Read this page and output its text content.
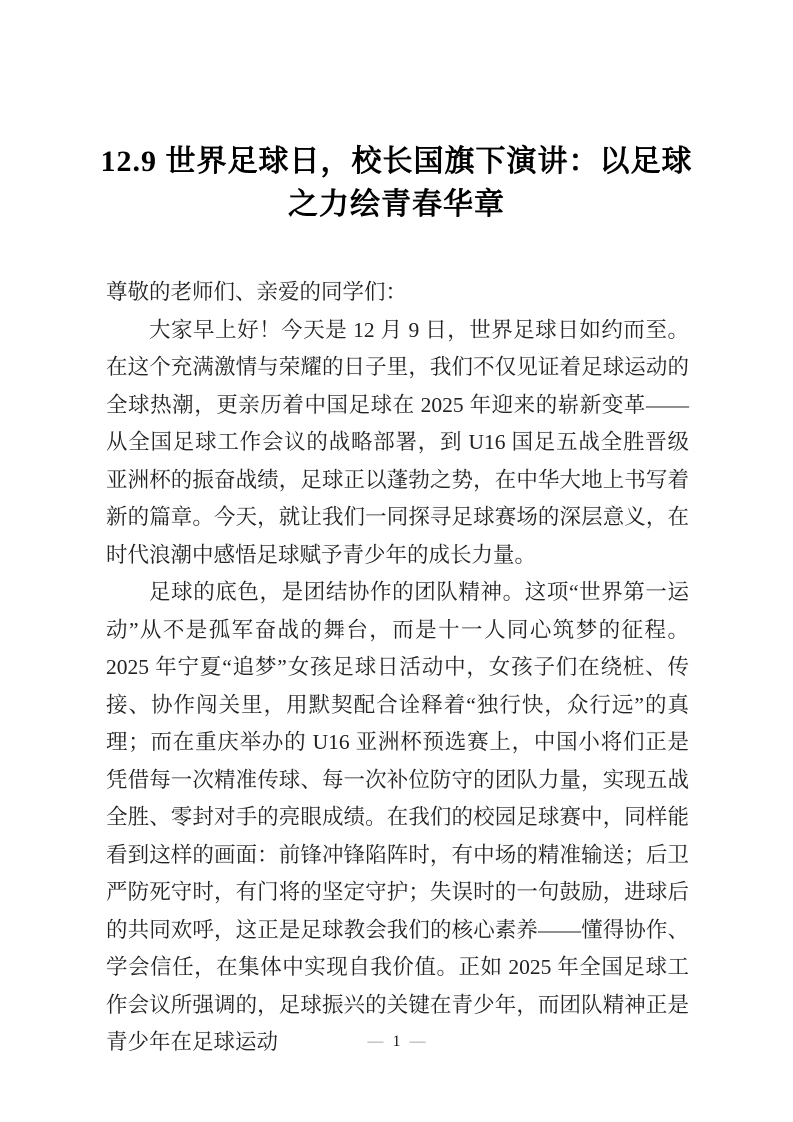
12.9 世界足球日，校长国旗下演讲：以足球之力绘青春华章

尊敬的老师们、亲爱的同学们：

大家早上好！今天是 12 月 9 日，世界足球日如约而至。在这个充满激情与荣耀的日子里，我们不仅见证着足球运动的全球热潮，更亲历着中国足球在 2025 年迎来的崭新变革——从全国足球工作会议的战略部署，到 U16 国足五战全胜晋级亚洲杯的振奋战绩，足球正以蓬勃之势，在中华大地上书写着新的篇章。今天，就让我们一同探寻足球赛场的深层意义，在时代浪潮中感悟足球赋予青少年的成长力量。

足球的底色，是团结协作的团队精神。这项“世界第一运动”从不是孤军奋战的舞台，而是十一人同心筑梦的征程。2025 年宁夏“追梦”女孩足球日活动中，女孩子们在绕桩、传接、协作闯关里，用默契配合诠释着“独行快，众行远”的真理；而在重庆举办的 U16 亚洲杯预选赛上，中国小将们正是凭借每一次精准传球、每一次补位防守的团队力量，实现五战全胜、零封对手的亮眼成绩。在我们的校园足球赛中，同样能看到这样的画面：前锋冲锋陷阵时，有中场的精准输送；后卫严防死守时，有门将的坚定守护；失误时的一句鼓励，进球后的共同欢呼，这正是足球教会我们的核心素养——懂得协作、学会信任，在集体中实现自我价值。正如 2025 年全国足球工作会议所强调的，足球振兴的关键在青少年，而团队精神正是青少年在足球运动	— 1 —
